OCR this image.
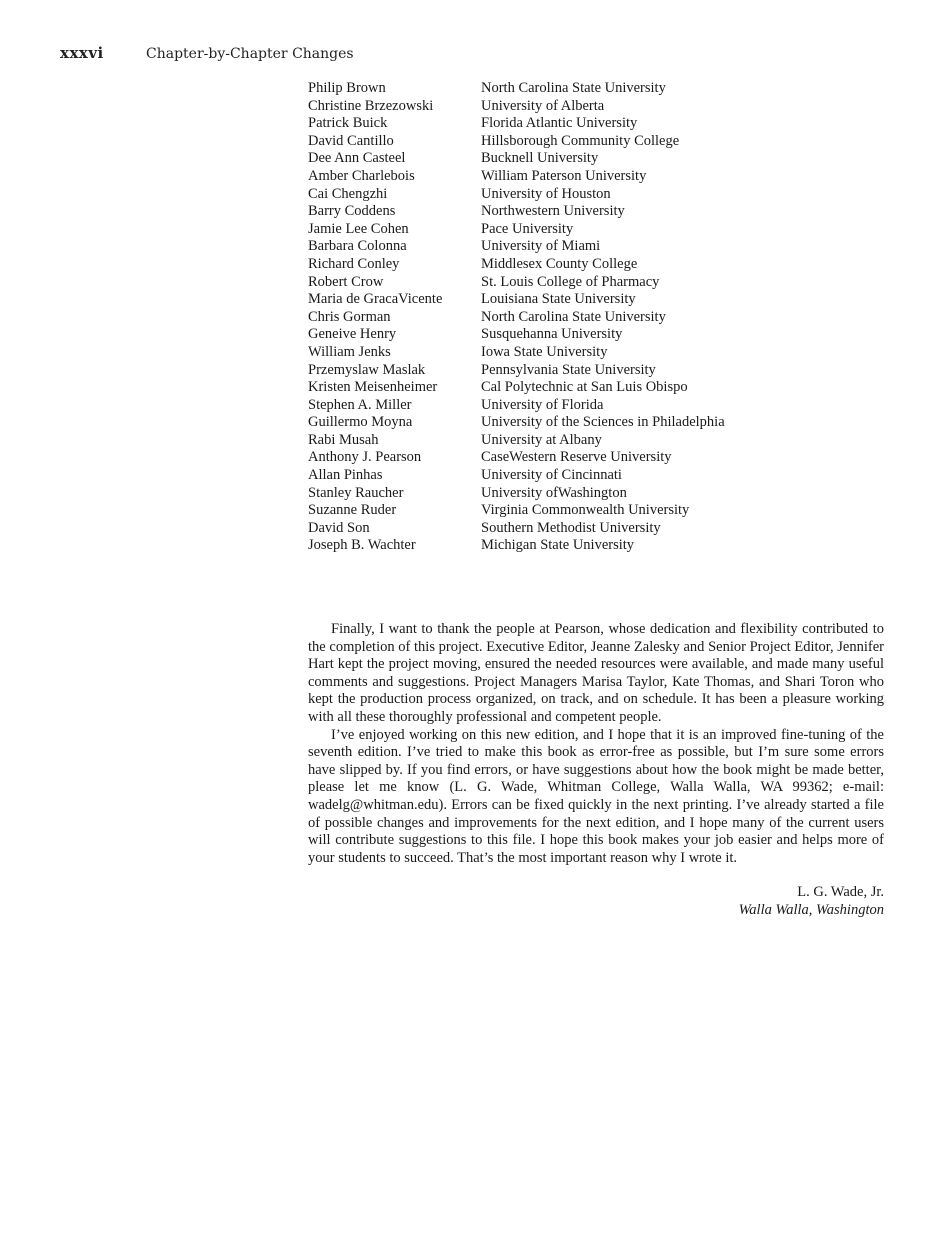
xxxvi	Chapter-by-Chapter Changes
Philip Brown	North Carolina State University
Christine Brzezowski	University of Alberta
Patrick Buick	Florida Atlantic University
David Cantillo	Hillsborough Community College
Dee Ann Casteel	Bucknell University
Amber Charlebois	William Paterson University
Cai Chengzhi	University of Houston
Barry Coddens	Northwestern University
Jamie Lee Cohen	Pace University
Barbara Colonna	University of Miami
Richard Conley	Middlesex County College
Robert Crow	St. Louis College of Pharmacy
Maria de GracaVicente	Louisiana State University
Chris Gorman	North Carolina State University
Geneive Henry	Susquehanna University
William Jenks	Iowa State University
Przemyslaw Maslak	Pennsylvania State University
Kristen Meisenheimer	Cal Polytechnic at San Luis Obispo
Stephen A. Miller	University of Florida
Guillermo Moyna	University of the Sciences in Philadelphia
Rabi Musah	University at Albany
Anthony J. Pearson	CaseWestern Reserve University
Allan Pinhas	University of Cincinnati
Stanley Raucher	University ofWashington
Suzanne Ruder	Virginia Commonwealth University
David Son	Southern Methodist University
Joseph B. Wachter	Michigan State University

Finally, I want to thank the people at Pearson, whose dedication and flexibility contributed to the completion of this project. Executive Editor, Jeanne Zalesky and Senior Project Editor, Jennifer Hart kept the project moving, ensured the needed resources were available, and made many useful comments and suggestions. Project Managers Marisa Taylor, Kate Thomas, and Shari Toron who kept the production process organized, on track, and on schedule. It has been a pleasure working with all these thoroughly professional and competent people.

I’ve enjoyed working on this new edition, and I hope that it is an improved fine-tuning of the seventh edition. I’ve tried to make this book as error-free as possible, but I’m sure some errors have slipped by. If you find errors, or have suggestions about how the book might be made better, please let me know (L. G. Wade, Whitman College, Walla Walla, WA 99362; e-mail: wadelg@whitman.edu). Errors can be fixed quickly in the next printing. I’ve already started a file of possible changes and improvements for the next edition, and I hope many of the current users will contribute suggestions to this file. I hope this book makes your job easier and helps more of your students to succeed. That’s the most important reason why I wrote it.

L. G. Wade, Jr.
Walla Walla, Washington
